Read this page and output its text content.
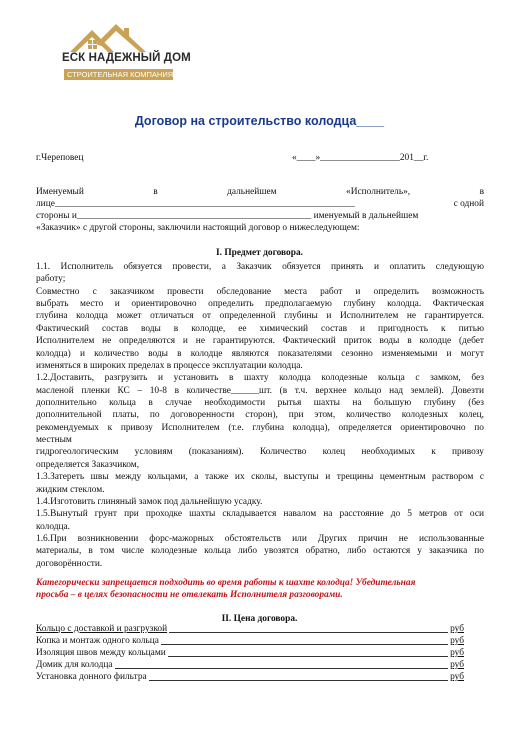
ЕСК НАДЕЖНЫЙ ДОМ
СТРОИТЕЛЬНАЯ КОМПАНИЯ
Договор на строительство колодца____
г.Череповец	«____»_________________201__г.
Именуемый	в	дальнейшем	«Исполнитель»,	в
лице________________________________________________________________	с одной
стороны и__________________________________________________ именуемый в дальнейшем
«Заказчик» с другой стороны, заключили настоящий договор о нижеследующем:
I. Предмет договора.
1.1. Исполнитель обязуется провести, а Заказчик обязуется принять и оплатить следующую
работу;
Совместно с заказчиком провести обследование места работ и определить возможность
выбрать место и ориентировочно определить предполагаемую глубину колодца. Фактическая
глубина колодца может отличаться от определенной глубины и Исполнителем не гарантируется.
Фактический состав воды в колодце, ее химический состав и пригодность к питью
Исполнителем не определяются и не гарантируются. Фактический приток воды в колодце (дебет
колодца) и количество воды в колодце являются показателями сезонно изменяемыми и могут
изменяться в широких пределах в процессе эксплуатации колодца.
1.2.Доставить, разгрузить и установить в шахту колодца колодезные кольца с замком, без
масленой пленки КС – 10-8 в количестве______шт. (в т.ч. верхнее кольцо над землей). Довезти
дополнительно кольца в случае необходимости рытья шахты на большую глубину (без
дополнительной платы, по договоренности сторон), при этом, количество колодезных колец,
рекомендуемых к привозу Исполнителем (т.е. глубина колодца), определяется ориентировочно по
местным
гидрогеологическим условиям (показаниям). Количество колец необходимых к привозу
определяется Заказчиком,
1.3.Затереть швы между кольцами, а также их сколы, выступы и трещины цементным раствором с
жидким стеклом.
1.4.Изготовить глиняный замок под дальнейшую усадку.
1.5.Вынутый грунт при проходке шахты складывается навалом на расстояние до 5 метров от оси
колодца.
1.6.При возникновении форс-мажорных обстоятельств или Других причин не использованные
материалы, в том числе колодезные кольца либо увозятся обратно, либо остаются у заказчика по
договорённости.
Категорически запрещается подходить во время работы к шахте колодца! Убедительная
просьба – в целях безопасности не отвлекать Исполнителя разговорами.
II. Цена договора.
Кольцо с доставкой и разгрузкой	руб
Копка и монтаж одного кольца	руб
Изоляция швов между кольцами	руб
Домик для колодца	руб
Установка донного фильтра	руб
